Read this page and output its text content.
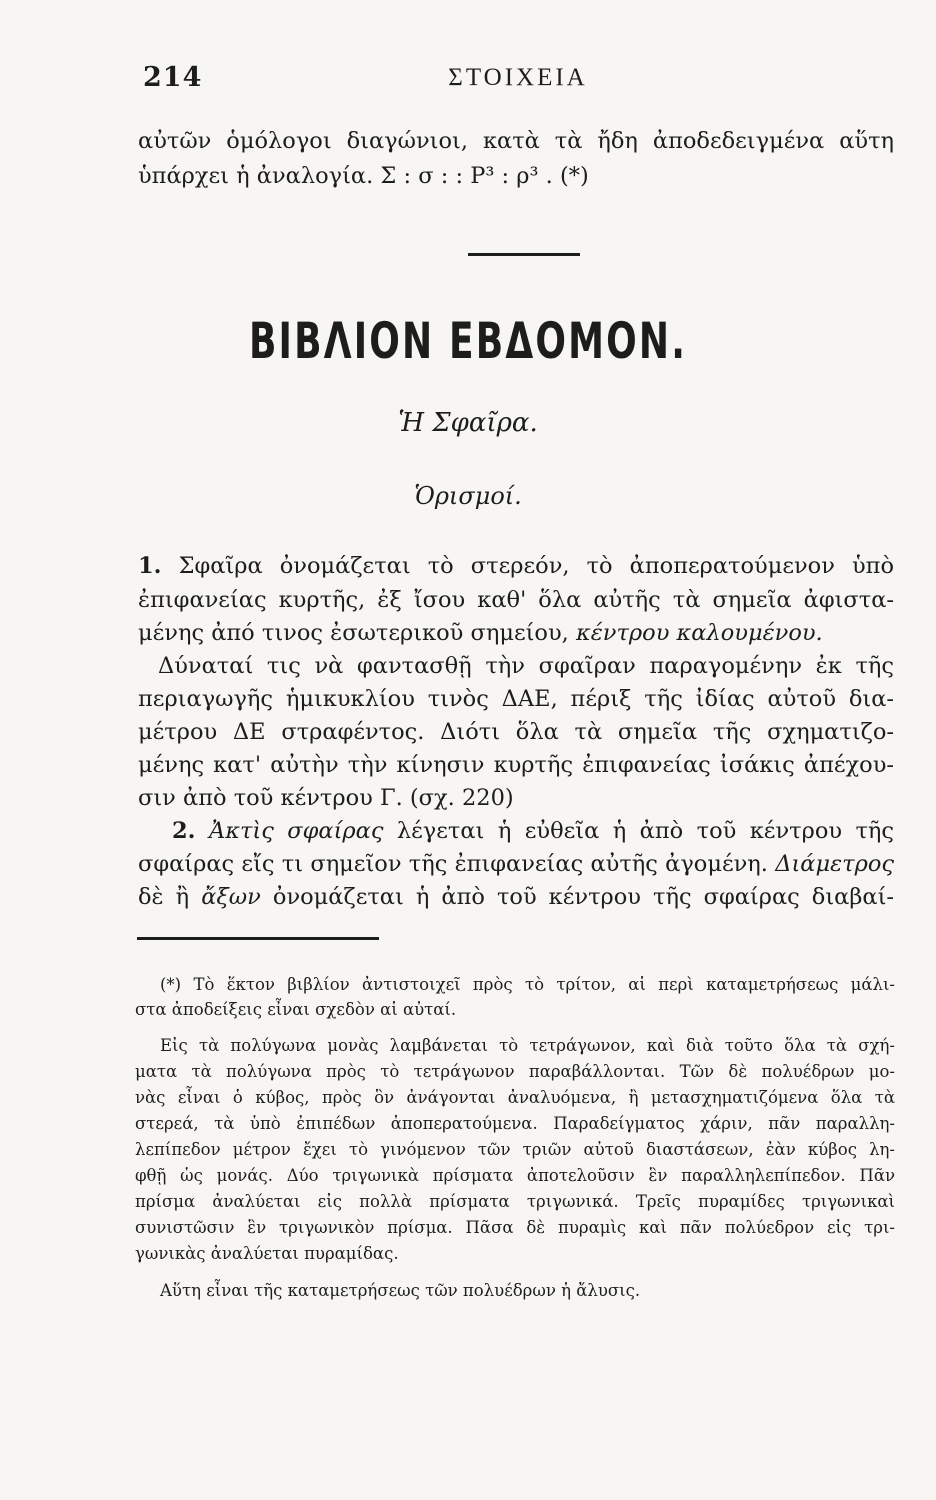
214	ΣΤΟΙΧΕΙΑ
αὐτῶν ὁμόλογοι διαγώνιοι, κατὰ τὰ ἤδη ἀποδεδειγμένα αὕτη
ὑπάρχει ἡ ἀναλογία. Σ : σ : : P³ : ρ³ . (*)
ΒΙΒΛΙΟΝ ΕΒΔΟΜΟΝ.
Ἡ Σφαῖρα.
Ὁρισμοί.
1. Σφαῖρα ὀνομάζεται τὸ στερεόν, τὸ ἀποπερατούμενον ὑπὸ
ἐπιφανείας κυρτῆς, ἐξ ἴσου καθ' ὅλα αὐτῆς τὰ σημεῖα ἀφιστα-
μένης ἀπό τινος ἐσωτερικοῦ σημείου, κέντρου καλουμένου.
Δύναταί τις νὰ φαντασθῇ τὴν σφαῖραν παραγομένην ἐκ τῆς
περιαγωγῆς ἡμικυκλίου τινὸς ΔΑΕ, πέριξ τῆς ἰδίας αὐτοῦ δια-
μέτρου ΔΕ στραφέντος. Διότι ὅλα τὰ σημεῖα τῆς σχηματιζο-
μένης κατ' αὐτὴν τὴν κίνησιν κυρτῆς ἐπιφανείας ἰσάκις ἀπέχου-
σιν ἀπὸ τοῦ κέντρου Γ. (σχ. 220)
2. Ἀκτὶς σφαίρας λέγεται ἡ εὐθεῖα ἡ ἀπὸ τοῦ κέντρου τῆς
σφαίρας εἴς τι σημεῖον τῆς ἐπιφανείας αὐτῆς ἀγομένη. Διάμετρος
δὲ ἢ ἄξων ὀνομάζεται ἡ ἀπὸ τοῦ κέντρου τῆς σφαίρας διαβαί-
(*) Τὸ ἕκτον βιβλίον ἀντιστοιχεῖ πρὸς τὸ τρίτον, αἱ περὶ καταμετρήσεως μάλι-
στα ἀποδείξεις εἶναι σχεδὸν αἱ αὐταί.
Εἰς τὰ πολύγωνα μονὰς λαμβάνεται τὸ τετράγωνον, καὶ διὰ τοῦτο ὅλα τὰ σχή-
ματα τὰ πολύγωνα πρὸς τὸ τετράγωνον παραβάλλονται. Τῶν δὲ πολυέδρων μο-
νὰς εἶναι ὁ κύβος, πρὸς ὃν ἀνάγονται ἀναλυόμενα, ἢ μετασχηματιζόμενα ὅλα τὰ
στερεά, τὰ ὑπὸ ἐπιπέδων ἀποπερατούμενα. Παραδείγματος χάριν, πᾶν παραλλη-
λεπίπεδον μέτρον ἔχει τὸ γινόμενον τῶν τριῶν αὐτοῦ διαστάσεων, ἐὰν κύβος λη-
φθῇ ὡς μονάς. Δύο τριγωνικὰ πρίσματα ἀποτελοῦσιν ἓν παραλληλεπίπεδον. Πᾶν
πρίσμα ἀναλύεται εἰς πολλὰ πρίσματα τριγωνικά. Τρεῖς πυραμίδες τριγωνικαὶ
συνιστῶσιν ἓν τριγωνικὸν πρίσμα. Πᾶσα δὲ πυραμὶς καὶ πᾶν πολύεδρον εἰς τρι-
γωνικὰς ἀναλύεται πυραμίδας.
Αὕτη εἶναι τῆς καταμετρήσεως τῶν πολυέδρων ἡ ἄλυσις.
